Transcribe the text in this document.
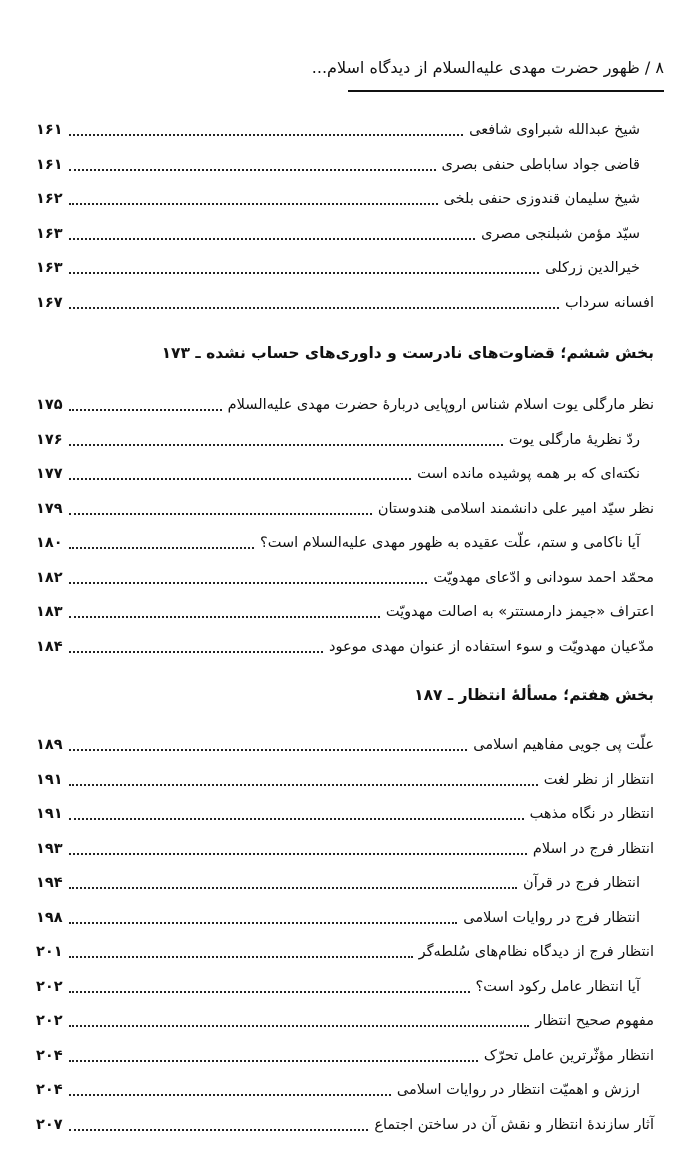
۸ / ظهور حضرت مهدی علیه‌السلام از دیدگاه اسلام...
شیخ عبدالله شبراوی شافعی
۱۶۱
قاضی جواد ساباطی حنفی بصری
۱۶۱
شیخ سلیمان قندوزی حنفی بلخی
۱۶۲
سیّد مؤمن شبلنجی مصری
۱۶۳
خیرالدین زرکلی
۱۶۳
افسانه سرداب
۱۶۷
بخش ششم؛ قضاوت‌های نادرست و داوری‌های حساب نشده ـ ۱۷۳
نظر مارگلی یوت اسلام شناس اروپایی دربارهٔ حضرت مهدی علیه‌السلام
۱۷۵
ردّ نظریهٔ مارگلی یوت
۱۷۶
نکته‌ای که بر همه پوشیده مانده است
۱۷۷
نظر سیّد امیر علی دانشمند اسلامی هندوستان
۱۷۹
آیا ناکامی و ستم، علّت عقیده به ظهور مهدی علیه‌السلام است؟
۱۸۰
محمّد احمد سودانی و ادّعای مهدویّت
۱۸۲
اعتراف «جیمز دارمستتر» به اصالت مهدویّت
۱۸۳
مدّعیان مهدویّت و سوء استفاده از عنوان مهدی موعود
۱۸۴
بخش هفتم؛ مسألهٔ انتظار ـ ۱۸۷
علّت پی جویی مفاهیم اسلامی
۱۸۹
انتظار از نظر لغت
۱۹۱
انتظار در نگاه مذهب
۱۹۱
انتظار فرج در اسلام
۱۹۳
انتظار فرج در قرآن
۱۹۴
انتظار فرج در روایات اسلامی
۱۹۸
انتظار فرج از دیدگاه نظام‌های سُلطه‌گر
۲۰۱
آیا انتظار عامل رکود است؟
۲۰۲
مفهوم صحیح انتظار
۲۰۲
انتظار مؤثّرترین عامل تحرّک
۲۰۴
ارزش و اهمیّت انتظار در روایات اسلامی
۲۰۴
آثار سازندهٔ انتظار و نقش آن در ساختن اجتماع
۲۰۷
